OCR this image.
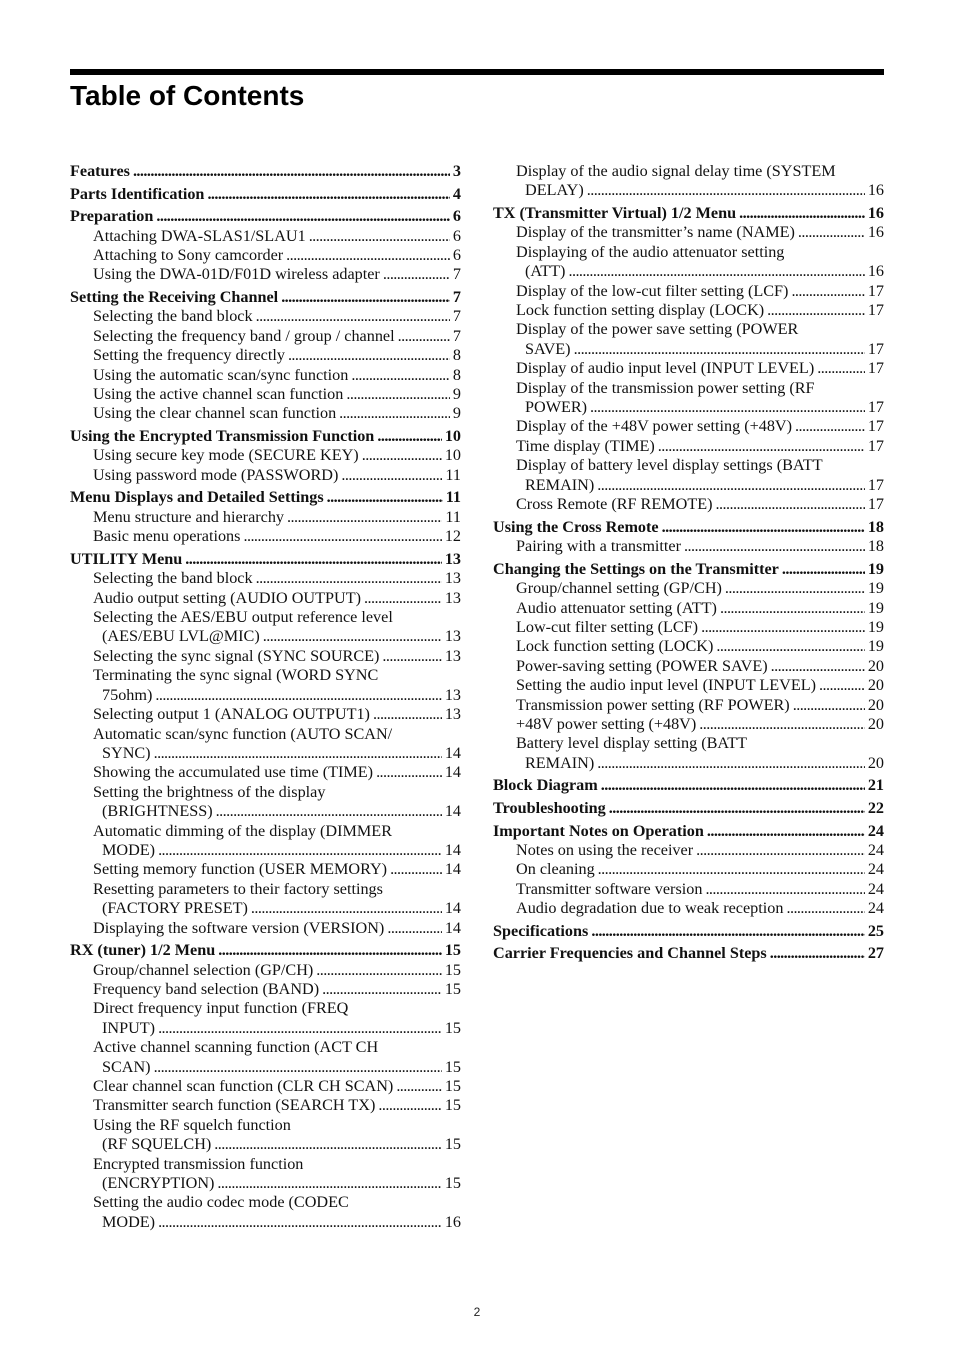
Table of Contents
Features . . .	3
Parts Identification . . .	4
Preparation . . .	6
Attaching DWA-SLAS1/SLAU1 . . .	6
Attaching to Sony camcorder . . .	6
Using the DWA-01D/F01D wireless adapter . . .	7
Setting the Receiving Channel . . .	7
Selecting the band block . . .	7
Selecting the frequency band / group / channel . . .	7
Setting the frequency directly . . .	8
Using the automatic scan/sync function . . .	8
Using the active channel scan function . . .	9
Using the clear channel scan function . . .	9
Using the Encrypted Transmission Function . . .	10
Using secure key mode (SECURE KEY) . . .	10
Using password mode (PASSWORD) . . .	11
Menu Displays and Detailed Settings . . .	11
Menu structure and hierarchy . . .	11
Basic menu operations . . .	12
UTILITY Menu . . .	13
Selecting the band block . . .	13
Audio output setting (AUDIO OUTPUT) . . .	13
Selecting the AES/EBU output reference level
(AES/EBU LVL@MIC) . . .	13
Selecting the sync signal (SYNC SOURCE) . . .	13
Terminating the sync signal (WORD SYNC
75ohm) . . .	13
Selecting output 1 (ANALOG OUTPUT1) . . .	13
Automatic scan/sync function (AUTO SCAN/
SYNC) . . .	14
Showing the accumulated use time (TIME) . . .	14
Setting the brightness of the display
(BRIGHTNESS) . . .	14
Automatic dimming of the display (DIMMER
MODE) . . .	14
Setting memory function (USER MEMORY) . . .	14
Resetting parameters to their factory settings
(FACTORY PRESET) . . .	14
Displaying the software version (VERSION) . . .	14
RX (tuner) 1/2 Menu . . .	15
Group/channel selection (GP/CH) . . .	15
Frequency band selection (BAND) . . .	15
Direct frequency input function (FREQ
INPUT) . . .	15
Active channel scanning function (ACT CH
SCAN) . . .	15
Clear channel scan function (CLR CH SCAN) . . .	15
Transmitter search function (SEARCH TX) . . .	15
Using the RF squelch function
(RF SQUELCH) . . .	15
Encrypted transmission function
(ENCRYPTION) . . .	15
Setting the audio codec mode (CODEC
MODE) . . .	16
Display of the audio signal delay time (SYSTEM
DELAY) . . .	16
TX (Transmitter Virtual) 1/2 Menu . . .	16
Display of the transmitter’s name (NAME) . . .	16
Displaying of the audio attenuator setting
(ATT) . . .	16
Display of the low-cut filter setting (LCF) . . .	17
Lock function setting display (LOCK) . . .	17
Display of the power save setting (POWER
SAVE) . . .	17
Display of audio input level (INPUT LEVEL) . . .	17
Display of the transmission power setting (RF
POWER) . . .	17
Display of the +48V power setting (+48V) . . .	17
Time display (TIME) . . .	17
Display of battery level display settings (BATT
REMAIN) . . .	17
Cross Remote (RF REMOTE) . . .	17
Using the Cross Remote . . .	18
Pairing with a transmitter . . .	18
Changing the Settings on the Transmitter . . .	19
Group/channel setting (GP/CH) . . .	19
Audio attenuator setting (ATT) . . .	19
Low-cut filter setting (LCF) . . .	19
Lock function setting (LOCK) . . .	19
Power-saving setting (POWER SAVE) . . .	20
Setting the audio input level (INPUT LEVEL) . . .	20
Transmission power setting (RF POWER) . . .	20
+48V power setting (+48V) . . .	20
Battery level display setting (BATT
REMAIN) . . .	20
Block Diagram . . .	21
Troubleshooting . . .	22
Important Notes on Operation . . .	24
Notes on using the receiver . . .	24
On cleaning . . .	24
Transmitter software version . . .	24
Audio degradation due to weak reception . . .	24
Specifications . . .	25
Carrier Frequencies and Channel Steps . . .	27
2
